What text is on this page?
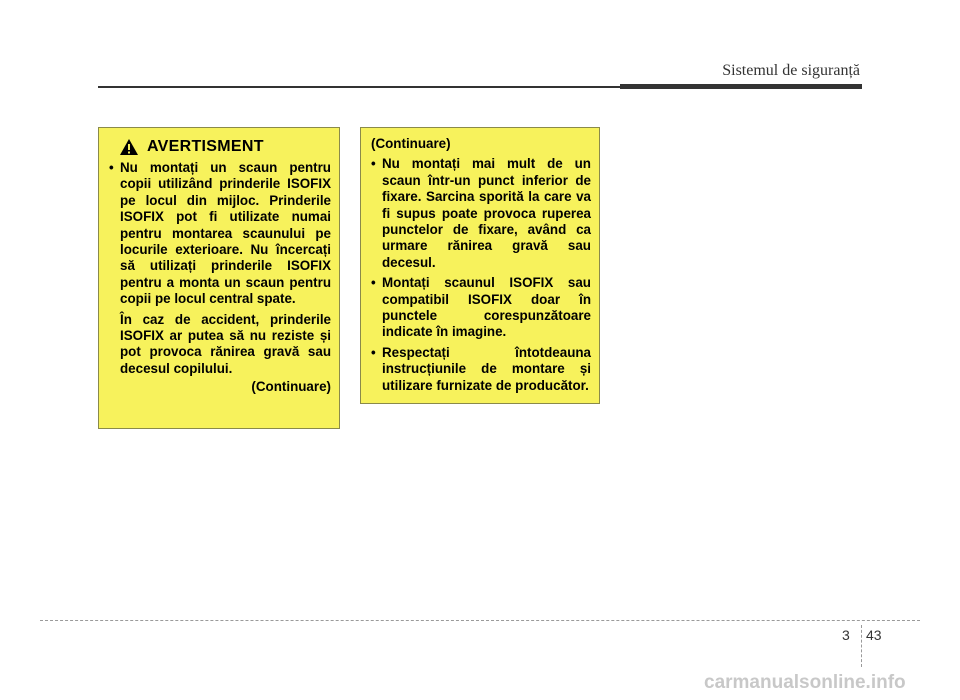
Sistemul de siguranță
AVERTISMENT
• Nu montați un scaun pentru copii utilizând prinderile ISOFIX pe locul din mijloc. Prinderile ISOFIX pot fi utilizate numai pentru montarea scaunului pe locurile exterioare. Nu încercați să utilizați prinderile ISOFIX pentru a monta un scaun pentru copii pe locul central spate.
În caz de accident, prinderile ISOFIX ar putea să nu reziste și pot provoca rănirea gravă sau decesul copilului.
(Continuare)
(Continuare)
• Nu montați mai mult de un scaun într-un punct inferior de fixare. Sarcina sporită la care va fi supus poate provoca ruperea punctelor de fixare, având ca urmare rănirea gravă sau decesul.
• Montați scaunul ISOFIX sau compatibil ISOFIX doar în punctele corespunzătoare indicate în imagine.
• Respectați întotdeauna instrucțiunile de montare și utilizare furnizate de producător.
3 43
carmanualsonline.info
